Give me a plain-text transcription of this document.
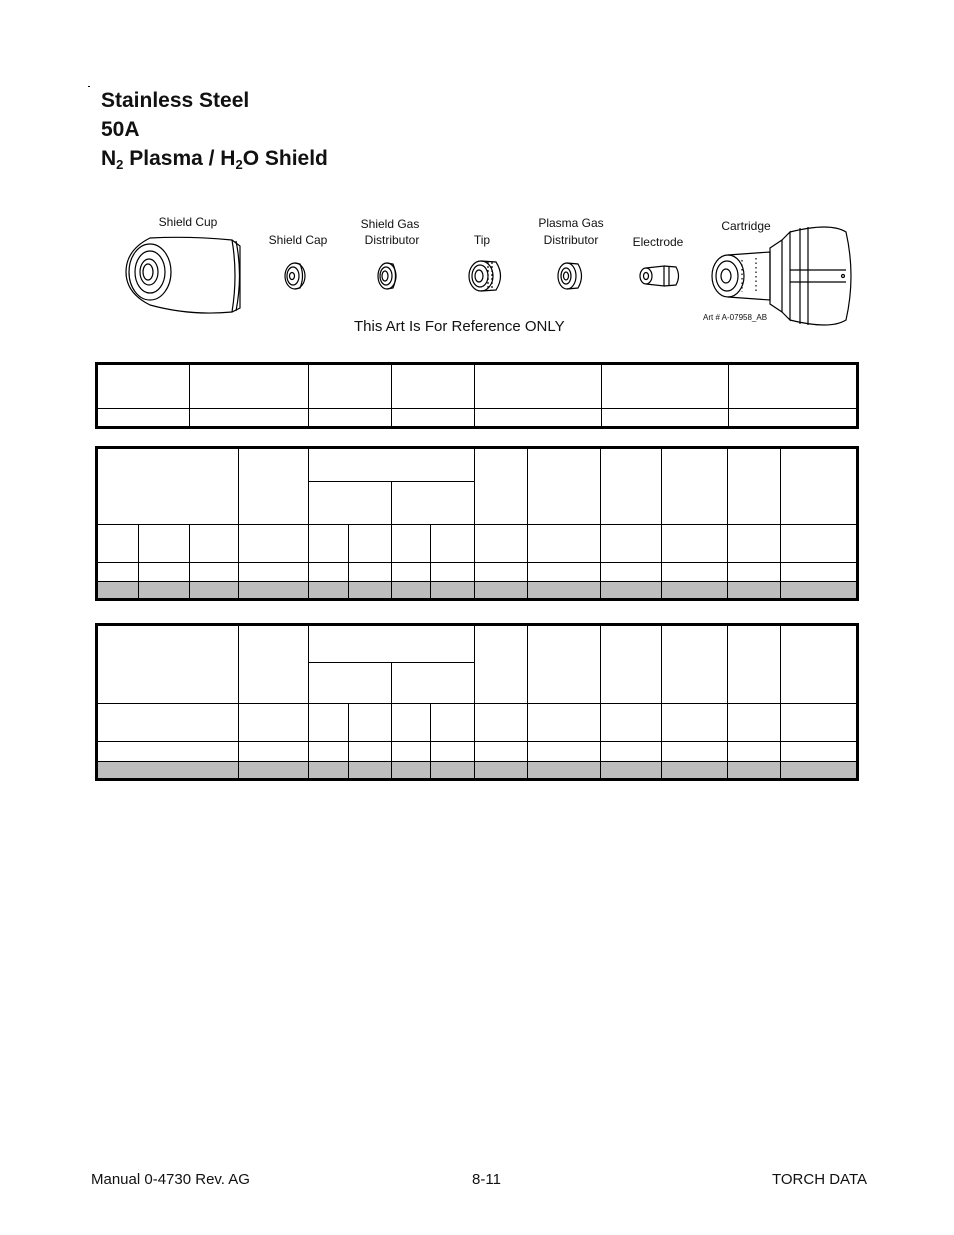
Stainless Steel
50A
$N_2$ Plasma / $H_2O$ Shield
Shield Cup
Shield Cap
Shield Gas
Distributor	Tip
Plasma Gas
Distributor	Electrode
Cartridge
This Art Is For Reference ONLY
Art # A-07958_AB

Manual 0-4730 Rev. AG	8-11	TORCH DATA
